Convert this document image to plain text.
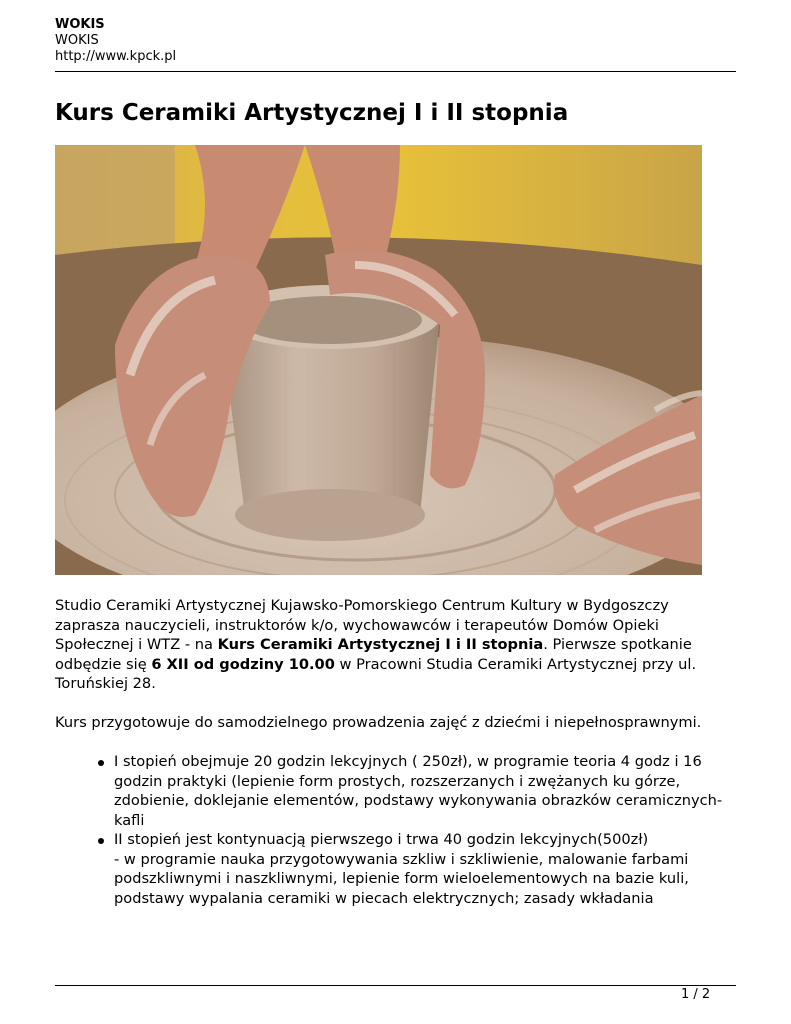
WOKIS
WOKIS
http://www.kpck.pl
Kurs Ceramiki Artystycznej I i II stopnia

Studio Ceramiki Artystycznej Kujawsko-Pomorskiego Centrum Kultury w Bydgoszczy zaprasza nauczycieli, instruktorów k/o, wychowawców i terapeutów Domów Opieki Społecznej i WTZ - na Kurs Ceramiki Artystycznej I i II stopnia. Pierwsze spotkanie odbędzie się 6 XII od godziny 10.00 w Pracowni Studia Ceramiki Artystycznej przy ul. Toruńskiej 28.

Kurs przygotowuje do samodzielnego prowadzenia zajęć z dziećmi i niepełnosprawnymi.

I stopień obejmuje 20 godzin lekcyjnych ( 250zł), w programie teoria 4 godz i 16 godzin praktyki (lepienie form prostych, rozszerzanych i zwężanych ku górze, zdobienie, doklejanie elementów, podstawy wykonywania obrazków ceramicznych- kafli
II stopień jest kontynuacją pierwszego i trwa 40 godzin lekcyjnych(500zł)
- w programie nauka przygotowywania szkliw i szkliwienie, malowanie farbami podszkliwnymi i naszkliwnymi, lepienie form wieloelementowych na bazie kuli, podstawy wypalania ceramiki w piecach elektrycznych; zasady wkładania
1 / 2
